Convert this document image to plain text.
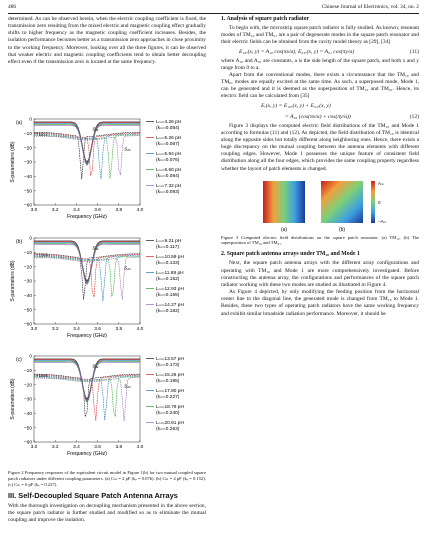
486	Chinese Journal of Electronics, vol. 34, no. 2

determined. As can be observed herein, when the electric coupling coefficient is fixed, the transmission zero resulting from the mixed electric and magnetic coupling effect gradually shifts to higher frequency as the magnetic coupling coefficient increases. Besides, the isolation performance becomes better as a transmission zero approaches in close proximity to the working frequency. Moreover, looking over all the three figures, it can be observed that weaker electric and magnetic coupling coefficients tend to obtain better decoupling effect even if the transmission zero is located at the same frequency.

3.0	3.2	3.4	3.6	3.8	4.0
0
−10
−20
−30
−40
−50
−60
Frequency (GHz)
S-parameters (dB)
(a)
−12.2
S₁₁
S₂₁
Lₘ=4.26 pH
(kₘ=0.054)
Lₘ=5.26 pH
(kₘ=0.067)
Lₘ=5.94 pH
(kₘ=0.076)
Lₘ=6.60 pH
(kₘ=0.084)
Lₘ=7.32 pH
(kₘ=0.093)
3.0	3.2	3.4	3.6	3.8	4.0
0
−10
−20
−30
−40
−50
−60
Frequency (GHz)
S-parameters (dB)
(b)
−13.9
S₁₁
S₂₁
Lₘ=9.21 pH
(kₘ=0.117)
Lₘ=10.59 pH
(kₘ=0.133)
Lₘ=11.88 pH
(kₘ=0.152)
Lₘ=12.93 pH
(kₘ=0.165)
Lₘ=14.27 pH
(kₘ=0.182)
3.0	3.2	3.4	3.6	3.8	4.0
0
−10
−20
−30
−40
−50
−60
Frequency (GHz)
S-parameters (dB)
(c)
−15.6
S₁₁
S₂₁
Lₘ=13.57 pH
(kₘ=0.173)
Lₘ=15.26 pH
(kₘ=0.195)
Lₘ=17.80 pH
(kₘ=0.227)
Lₘ=18.79 pH
(kₘ=0.240)
Lₘ=20.61 pH
(kₘ=0.263)

Figure 2 Frequency responses of the equivalent circuit model in Figure 1(b) for two mutual coupled square patch radiators under different coupling parameters. (a) Cₘ = 2 pF (kₑ = 0.076). (b) Cₘ = 4 pF (kₑ = 0.152). (c) Cₘ = 6 pF (kₑ = 0.227).

III. Self-Decoupled Square Patch Antenna Arrays

With the thorough investigation on decoupling mechanism presented in the above section, the square patch radiator is further studied and modified so as to eliminate the mutual coupling and improve the isolation.

1. Analysis of square patch radiator

To begin with, the microstrip square patch radiator is fully studied. As known, resonant modes of TM₁₀ and TM₀₁ are a pair of degenerate modes in the square patch resonator and their electric fields can be obtained from the cavity model theory as [29], [34]

E₁₀ᵣ(x, y) = A₁₀ cos(πx/a), E₀₁ᵣ(x, y) = A₀₁ cos(πy/a)	(11)

where A₁₀ and A₀₁ are constants, a is the side length of the square patch, and both x and y range from 0 to a.

Apart from the conventional modes, there exists a circumstance that the TM₁₀ and TM₀₁ modes are equally excited at the same time. As such, a superposed mode, Mode 1, can be generated and it is deemed as the superposition of TM₁₀ and TM₀₁. Hence, its electric field can be calculated from [35]

Eᵣ(x, y) = E₁₀ᵣ(x, y) + E₀₁ᵣ(x, y)
= A₁₀ (cos(πx/a) + cos(πy/a))	(12)

Figure 3 displays the computed electric field distributions of the TM₁₀ and Mode 1 according to formulas (11) and (12). As depicted, the field distribution of TM₁₀ is identical along the opposite sides but totally different along neighboring ones. Hence, there exists a huge discrepancy on the mutual coupling between the antenna elements with different coupling edges. However, Mode 1 possesses the unique feature of consistent field distribution along all the four edges, which provides the same coupling property regardless whether the layout of patch elements is changed.

(a)	(b)
Aₘ
0
−Aₘ

Figure 3 Computed electric field distributions on the square patch resonator. (a) TM₁₀. (b) The superposition of TM₁₀ and TM₀₁.

2. Square patch antenna arrays under TM₁₀ and Mode 1

Next, the square patch antenna arrays with the different array configurations and operating with TM₁₀ and Mode 1 are more comprehensively investigated. Before constructing the antenna array, the configurations and performances of the square patch radiator working with these two modes are studied as illustrated in Figure 4.

As Figure 4 depicted, by only modifying the feeding position from the horizontal center line to the diagonal line, the generated mode is changed from TM₁₀ to Mode 1. Besides, these two types of operating patch radiators have the same working frequency and exhibit similar broadside radiation performance. Moreover, it should be
